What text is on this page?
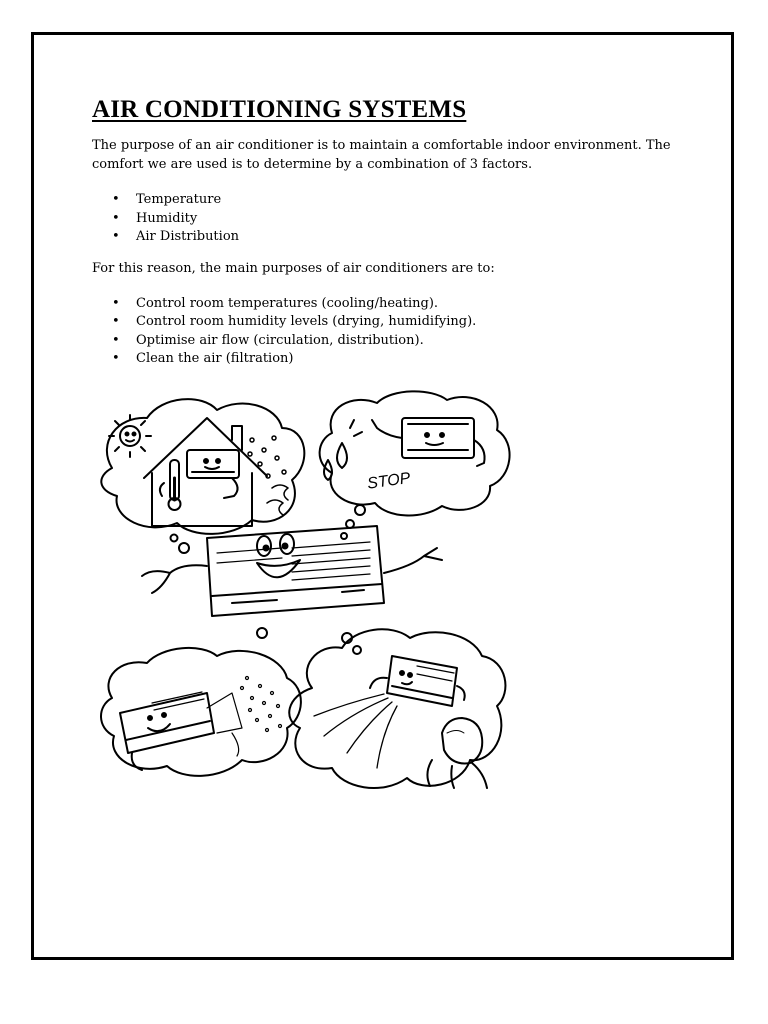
AIR CONDITIONING SYSTEMS

The purpose of an air conditioner is to maintain a comfortable indoor environment. The comfort we are used is to determine by a combination of 3 factors.

• Temperature
• Humidity
• Air Distribution

For this reason, the main purposes of air conditioners are to:

• Control room temperatures (cooling/heating).
• Control room humidity levels (drying, humidifying).
• Optimise air flow (circulation, distribution).
• Clean the air (filtration)
STOP
